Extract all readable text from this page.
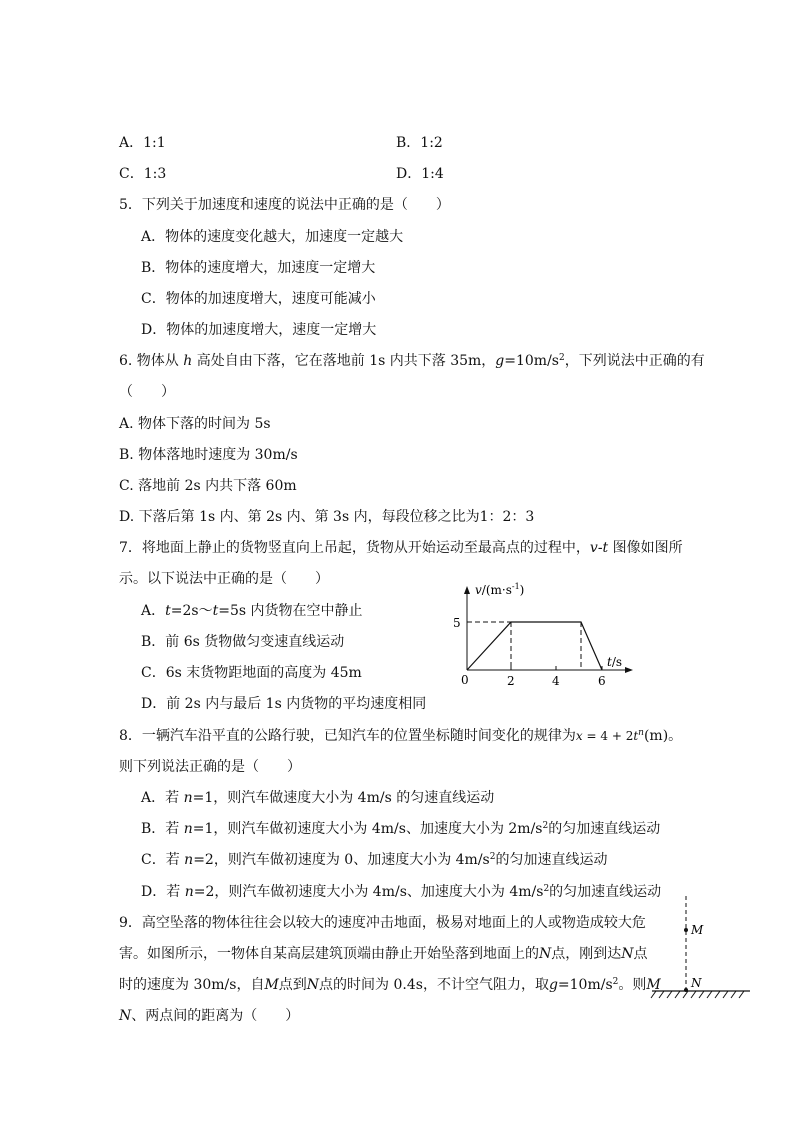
A．1:1	B．1:2
C．1:3	D．1:4
5．下列关于加速度和速度的说法中正确的是（　　）
A．物体的速度变化越大，加速度一定越大
B．物体的速度增大，加速度一定增大
C．物体的加速度增大，速度可能减小
D．物体的加速度增大，速度一定增大
6. 物体从 h 高处自由下落，它在落地前 1s 内共下落 35m，$g=10m/s^2$，下列说法中正确的有
（　　）
A. 物体下落的时间为 5s
B. 物体落地时速度为 30m/s
C. 落地前 2s 内共下落 60m
D. 下落后第 1s 内、第 2s 内、第 3s 内，每段位移之比为1：2：3
7．将地面上静止的货物竖直向上吊起，货物从开始运动至最高点的过程中，v-t 图像如图所
示。以下说法中正确的是（　　）
A．t=2s～t=5s 内货物在空中静止
B．前 6s 货物做匀变速直线运动
C．6s 末货物距地面的高度为 45m
D．前 2s 内与最后 1s 内货物的平均速度相同
$v/(m\cdot s^{-1})$
5
0	2	4	6
t/s
8．一辆汽车沿平直的公路行驶，已知汽车的位置坐标随时间变化的规律为$x = 4 + 2t^n(m)$。
则下列说法正确的是（　　）
A．若 n=1，则汽车做速度大小为 4m/s 的匀速直线运动
B．若 n=1，则汽车做初速度大小为 4m/s、加速度大小为 $2m/s^2$的匀加速直线运动
C．若 n=2，则汽车做初速度为 0、加速度大小为 $4m/s^2$的匀加速直线运动
D．若 n=2，则汽车做初速度大小为 4m/s、加速度大小为 $4m/s^2$的匀加速直线运动
9．高空坠落的物体往往会以较大的速度冲击地面，极易对地面上的人或物造成较大危
害。如图所示，一物体自某高层建筑顶端由静止开始坠落到地面上的N点，刚到达N点
时的速度为 30m/s，自M点到N点的时间为 0.4s，不计空气阻力，取$g=10m/s^2$。则M
N、两点间的距离为（　　）
M
N
